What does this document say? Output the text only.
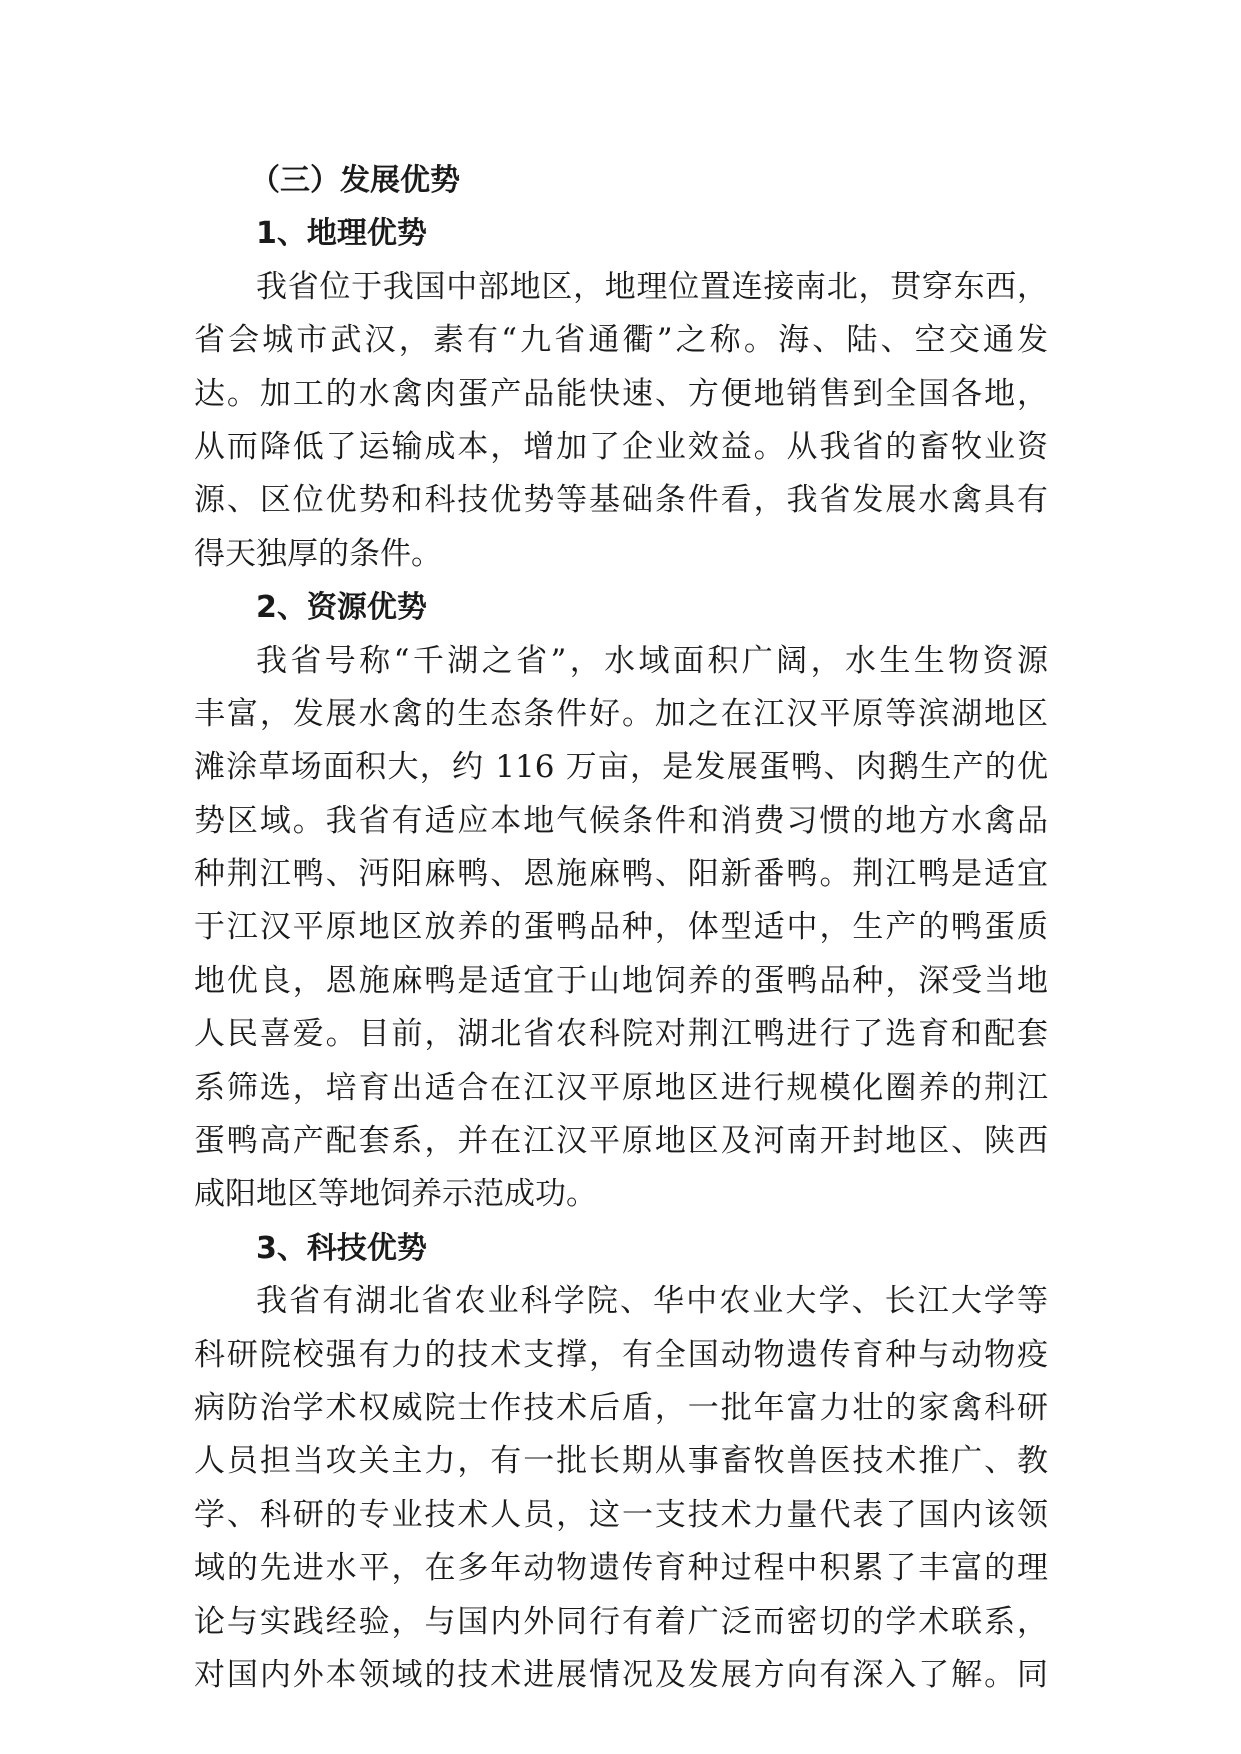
（三）发展优势
1、地理优势
我省位于我国中部地区，地理位置连接南北，贯穿东西，
省会城市武汉，素有“九省通衢”之称。海、陆、空交通发
达。加工的水禽肉蛋产品能快速、方便地销售到全国各地，
从而降低了运输成本，增加了企业效益。从我省的畜牧业资
源、区位优势和科技优势等基础条件看，我省发展水禽具有
得天独厚的条件。
2、资源优势
我省号称“千湖之省”，水域面积广阔，水生生物资源
丰富，发展水禽的生态条件好。加之在江汉平原等滨湖地区
滩涂草场面积大，约 116 万亩，是发展蛋鸭、肉鹅生产的优
势区域。我省有适应本地气候条件和消费习惯的地方水禽品
种荆江鸭、沔阳麻鸭、恩施麻鸭、阳新番鸭。荆江鸭是适宜
于江汉平原地区放养的蛋鸭品种，体型适中，生产的鸭蛋质
地优良，恩施麻鸭是适宜于山地饲养的蛋鸭品种，深受当地
人民喜爱。目前，湖北省农科院对荆江鸭进行了选育和配套
系筛选，培育出适合在江汉平原地区进行规模化圈养的荆江
蛋鸭高产配套系，并在江汉平原地区及河南开封地区、陕西
咸阳地区等地饲养示范成功。
3、科技优势
我省有湖北省农业科学院、华中农业大学、长江大学等
科研院校强有力的技术支撑，有全国动物遗传育种与动物疫
病防治学术权威院士作技术后盾，一批年富力壮的家禽科研
人员担当攻关主力，有一批长期从事畜牧兽医技术推广、教
学、科研的专业技术人员，这一支技术力量代表了国内该领
域的先进水平，在多年动物遗传育种过程中积累了丰富的理
论与实践经验，与国内外同行有着广泛而密切的学术联系，
对国内外本领域的技术进展情况及发展方向有深入了解。同
